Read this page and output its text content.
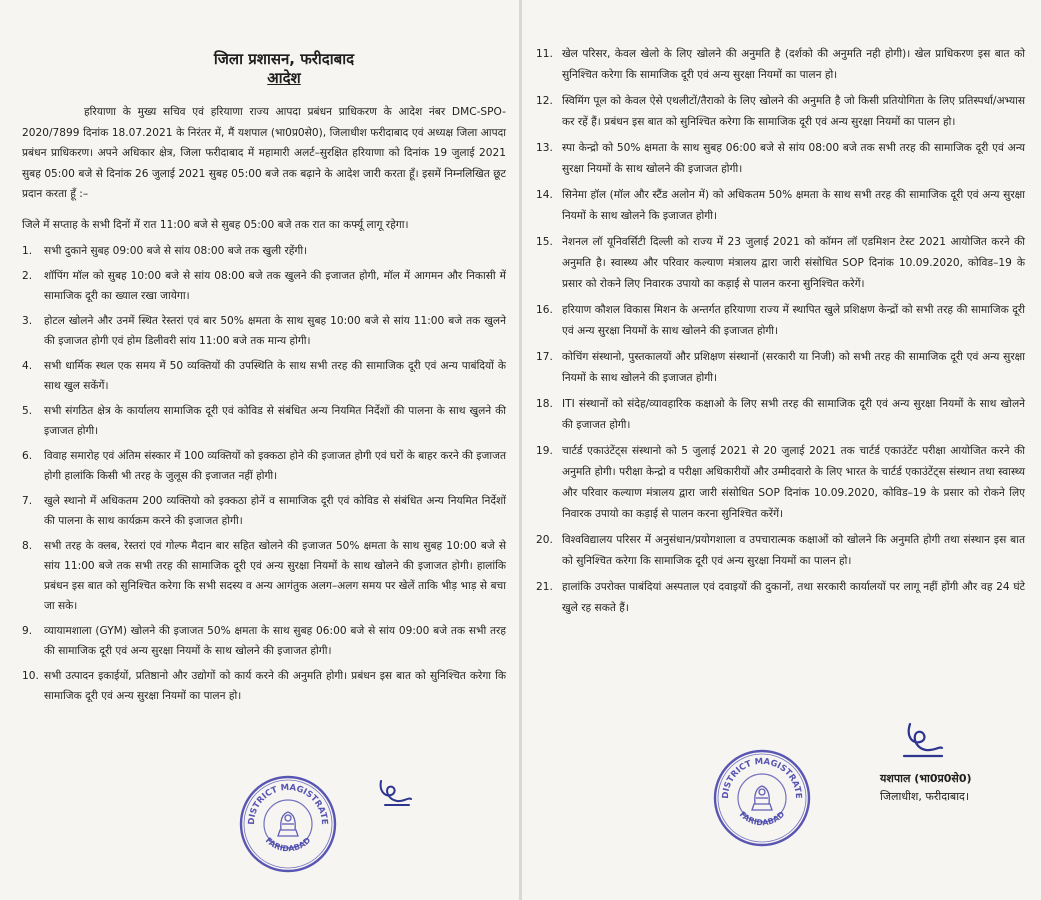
जिला प्रशासन, फरीदाबाद
आदेश

हरियाणा के मुख्य सचिव एवं हरियाणा राज्य आपदा प्रबंधन प्राधिकरण के आदेश नंबर DMC-SPO-2020/7899 दिनांक 18.07.2021 के निरंतर में, मैं यशपाल (भा0प्र0से0), जिलाधीश फरीदाबाद एवं अध्यक्ष जिला आपदा प्रबंधन प्राधिकरण। अपने अधिकार क्षेत्र, जिला फरीदाबाद में महामारी अलर्ट–सुरक्षित हरियाणा को दिनांक 19 जुलाई 2021 सुबह 05:00 बजे से दिनांक 26 जुलाई 2021 सुबह 05:00 बजे तक बढ़ाने के आदेश जारी करता हूँ। इसमें निम्नलिखित छूट प्रदान करता हूँ :–

जिले में सप्ताह के सभी दिनों में रात 11:00 बजे से सुबह 05:00 बजे तक रात का कर्फ्यू लागू रहेगा।

1. सभी दुकाने सुबह 09:00 बजे से सांय 08:00 बजे तक खुली रहेंगी।
2. शॉपिंग मॉल को सुबह 10:00 बजे से सांय 08:00 बजे तक खुलने की इजाजत होगी, मॉल में आगमन और निकासी में सामाजिक दूरी का ख्याल रखा जायेगा।
3. होटल खोलने और उनमें स्थित रेस्तरां एवं बार 50% क्षमता के साथ सुबह 10:00 बजे से सांय 11:00 बजे तक खुलने की इजाजत होगी एवं होम डिलीवरी सांय 11:00 बजे तक मान्य होगी।
4. सभी धार्मिक स्थल एक समय में 50 व्यक्तियों की उपस्थिति के साथ सभी तरह की सामाजिक दूरी एवं अन्य पाबंदियों के साथ खुल सकेंगें।
5. सभी संगठित क्षेत्र के कार्यालय सामाजिक दूरी एवं कोविड से संबंधित अन्य नियमित निर्देशों की पालना के साथ खुलने की इजाजत होगी।
6. विवाह समारोह एवं अंतिम संस्कार में 100 व्यक्तियों को इक्कठा होने की इजाजत होगी एवं घरों के बाहर करने की इजाजत होगी हालांकि किसी भी तरह के जुलूस की इजाजत नहीं होगी।
7. खुले स्थानो में अधिकतम 200 व्यक्तियो को इक्कठा होनें व सामाजिक दूरी एवं कोविड से संबंधित अन्य नियमित निर्देशों की पालना के साथ कार्यक्रम करने की इजाजत होगी।
8. सभी तरह के क्लब, रेस्तरां एवं गोल्फ मैदान बार सहित खोलने की इजाजत 50% क्षमता के साथ सुबह 10:00 बजे से सांय 11:00 बजे तक सभी तरह की सामाजिक दूरी एवं अन्य सुरक्षा नियमों के साथ खोलने की इजाजत होगी। हालांकि प्रबंधन इस बात को सुनिश्चित करेगा कि सभी सदस्य व अन्य आगंतुक अलग–अलग समय पर खेलें ताकि भीड़ भाड़ से बचा जा सके।
9. व्यायामशाला (GYM) खोलने की इजाजत 50% क्षमता के साथ सुबह 06:00 बजे से सांय 09:00 बजे तक सभी तरह की सामाजिक दूरी एवं अन्य सुरक्षा नियमों के साथ खोलने की इजाजत होगी।
10. सभी उत्पादन इकाईयों, प्रतिष्ठानो और उद्योगों को कार्य करने की अनुमति होगी। प्रबंधन इस बात को सुनिश्चित करेगा कि सामाजिक दूरी एवं अन्य सुरक्षा नियमों का पालन हो।
11. खेल परिसर, केवल खेलो के लिए खोलने की अनुमति है (दर्शको की अनुमति नही होगी)। खेल प्राधिकरण इस बात को सुनिश्चित करेगा कि सामाजिक दूरी एवं अन्य सुरक्षा नियमों का पालन हो।
12. स्विमिंग पूल को केवल ऐसे एथलीटों/तैराको के लिए खोलने की अनुमति है जो किसी प्रतियोगिता के लिए प्रतिस्पर्धा/अभ्यास कर रहें हैं। प्रबंधन इस बात को सुनिश्चित करेगा कि सामाजिक दूरी एवं अन्य सुरक्षा नियमों का पालन हो।
13. स्पा केन्द्रो को 50% क्षमता के साथ सुबह 06:00 बजे से सांय 08:00 बजे तक सभी तरह की सामाजिक दूरी एवं अन्य सुरक्षा नियमों के साथ खोलने की इजाजत होगी।
14. सिनेमा हॉल (मॉल और स्टैंड अलोन में) को अधिकतम 50% क्षमता के साथ सभी तरह की सामाजिक दूरी एवं अन्य सुरक्षा नियमों के साथ खोलने कि इजाजत होगी।
15. नेशनल लॉ यूनिवर्सिटी दिल्ली को राज्य में 23 जुलाई 2021 को कॉमन लॉ एडमिशन टेस्ट 2021 आयोजित करने की अनुमति है। स्वास्थ्य और परिवार कल्याण मंत्रालय द्वारा जारी संसोधित SOP दिनांक 10.09.2020, कोविड–19 के प्रसार को रोकने लिए निवारक उपायो का कड़ाई से पालन करना सुनिश्चित करेगें।
16. हरियाण कौशल विकास मिशन के अन्तर्गत हरियाणा राज्य में स्थापित खुले प्रशिक्षण केन्द्रों को सभी तरह की सामाजिक दूरी एवं अन्य सुरक्षा नियमों के साथ खोलने की इजाजत होगी।
17. कोचिंग संस्थानो, पुस्तकालयों और प्रशिक्षण संस्थानों (सरकारी या निजी) को सभी तरह की सामाजिक दूरी एवं अन्य सुरक्षा नियमों के साथ खोलने की इजाजत होगी।
18. ITI संस्थानों को संदेह/व्यावहारिक कक्षाओ के लिए सभी तरह की सामाजिक दूरी एवं अन्य सुरक्षा नियमों के साथ खोलने की इजाजत होगी।
19. चार्टर्ड एकाउंटेंट्स संस्थानो को 5 जुलाई 2021 से 20 जुलाई 2021 तक चार्टर्ड एकाउंटेंट परीक्षा आयोजित करने की अनुमति होगी। परीक्षा केन्द्रो व परीक्षा अधिकारीयों और उम्मीदवारो के लिए भारत के चार्टर्ड एकाउंटेंट्स संस्थान तथा स्वास्थ्य और परिवार कल्याण मंत्रालय द्वारा जारी संसोधित SOP दिनांक 10.09.2020, कोविड–19 के प्रसार को रोकने लिए निवारक उपायो का कड़ाई से पालन करना सुनिश्चित करेंगें।
20. विश्वविद्यालय परिसर में अनुसंधान/प्रयोगशाला व उपचारात्मक कक्षाओं को खोलने कि अनुमति होगी तथा संस्थान इस बात को सुनिश्चित करेगा कि सामाजिक दूरी एवं अन्य सुरक्षा नियमों का पालन हो।
21. हालांकि उपरोक्त पाबंदियां अस्पताल एवं दवाइयों की दुकानों, तथा सरकारी कार्यालयों पर लागू नहीं होंगी और वह 24 घंटे खुले रह सकते हैं।
DISTRICT MAGISTRATE
FARIDABAD
DISTRICT MAGISTRATE
FARIDABAD
यशपाल (भा0प्र0से0)
जिलाधीश, फरीदाबाद।
